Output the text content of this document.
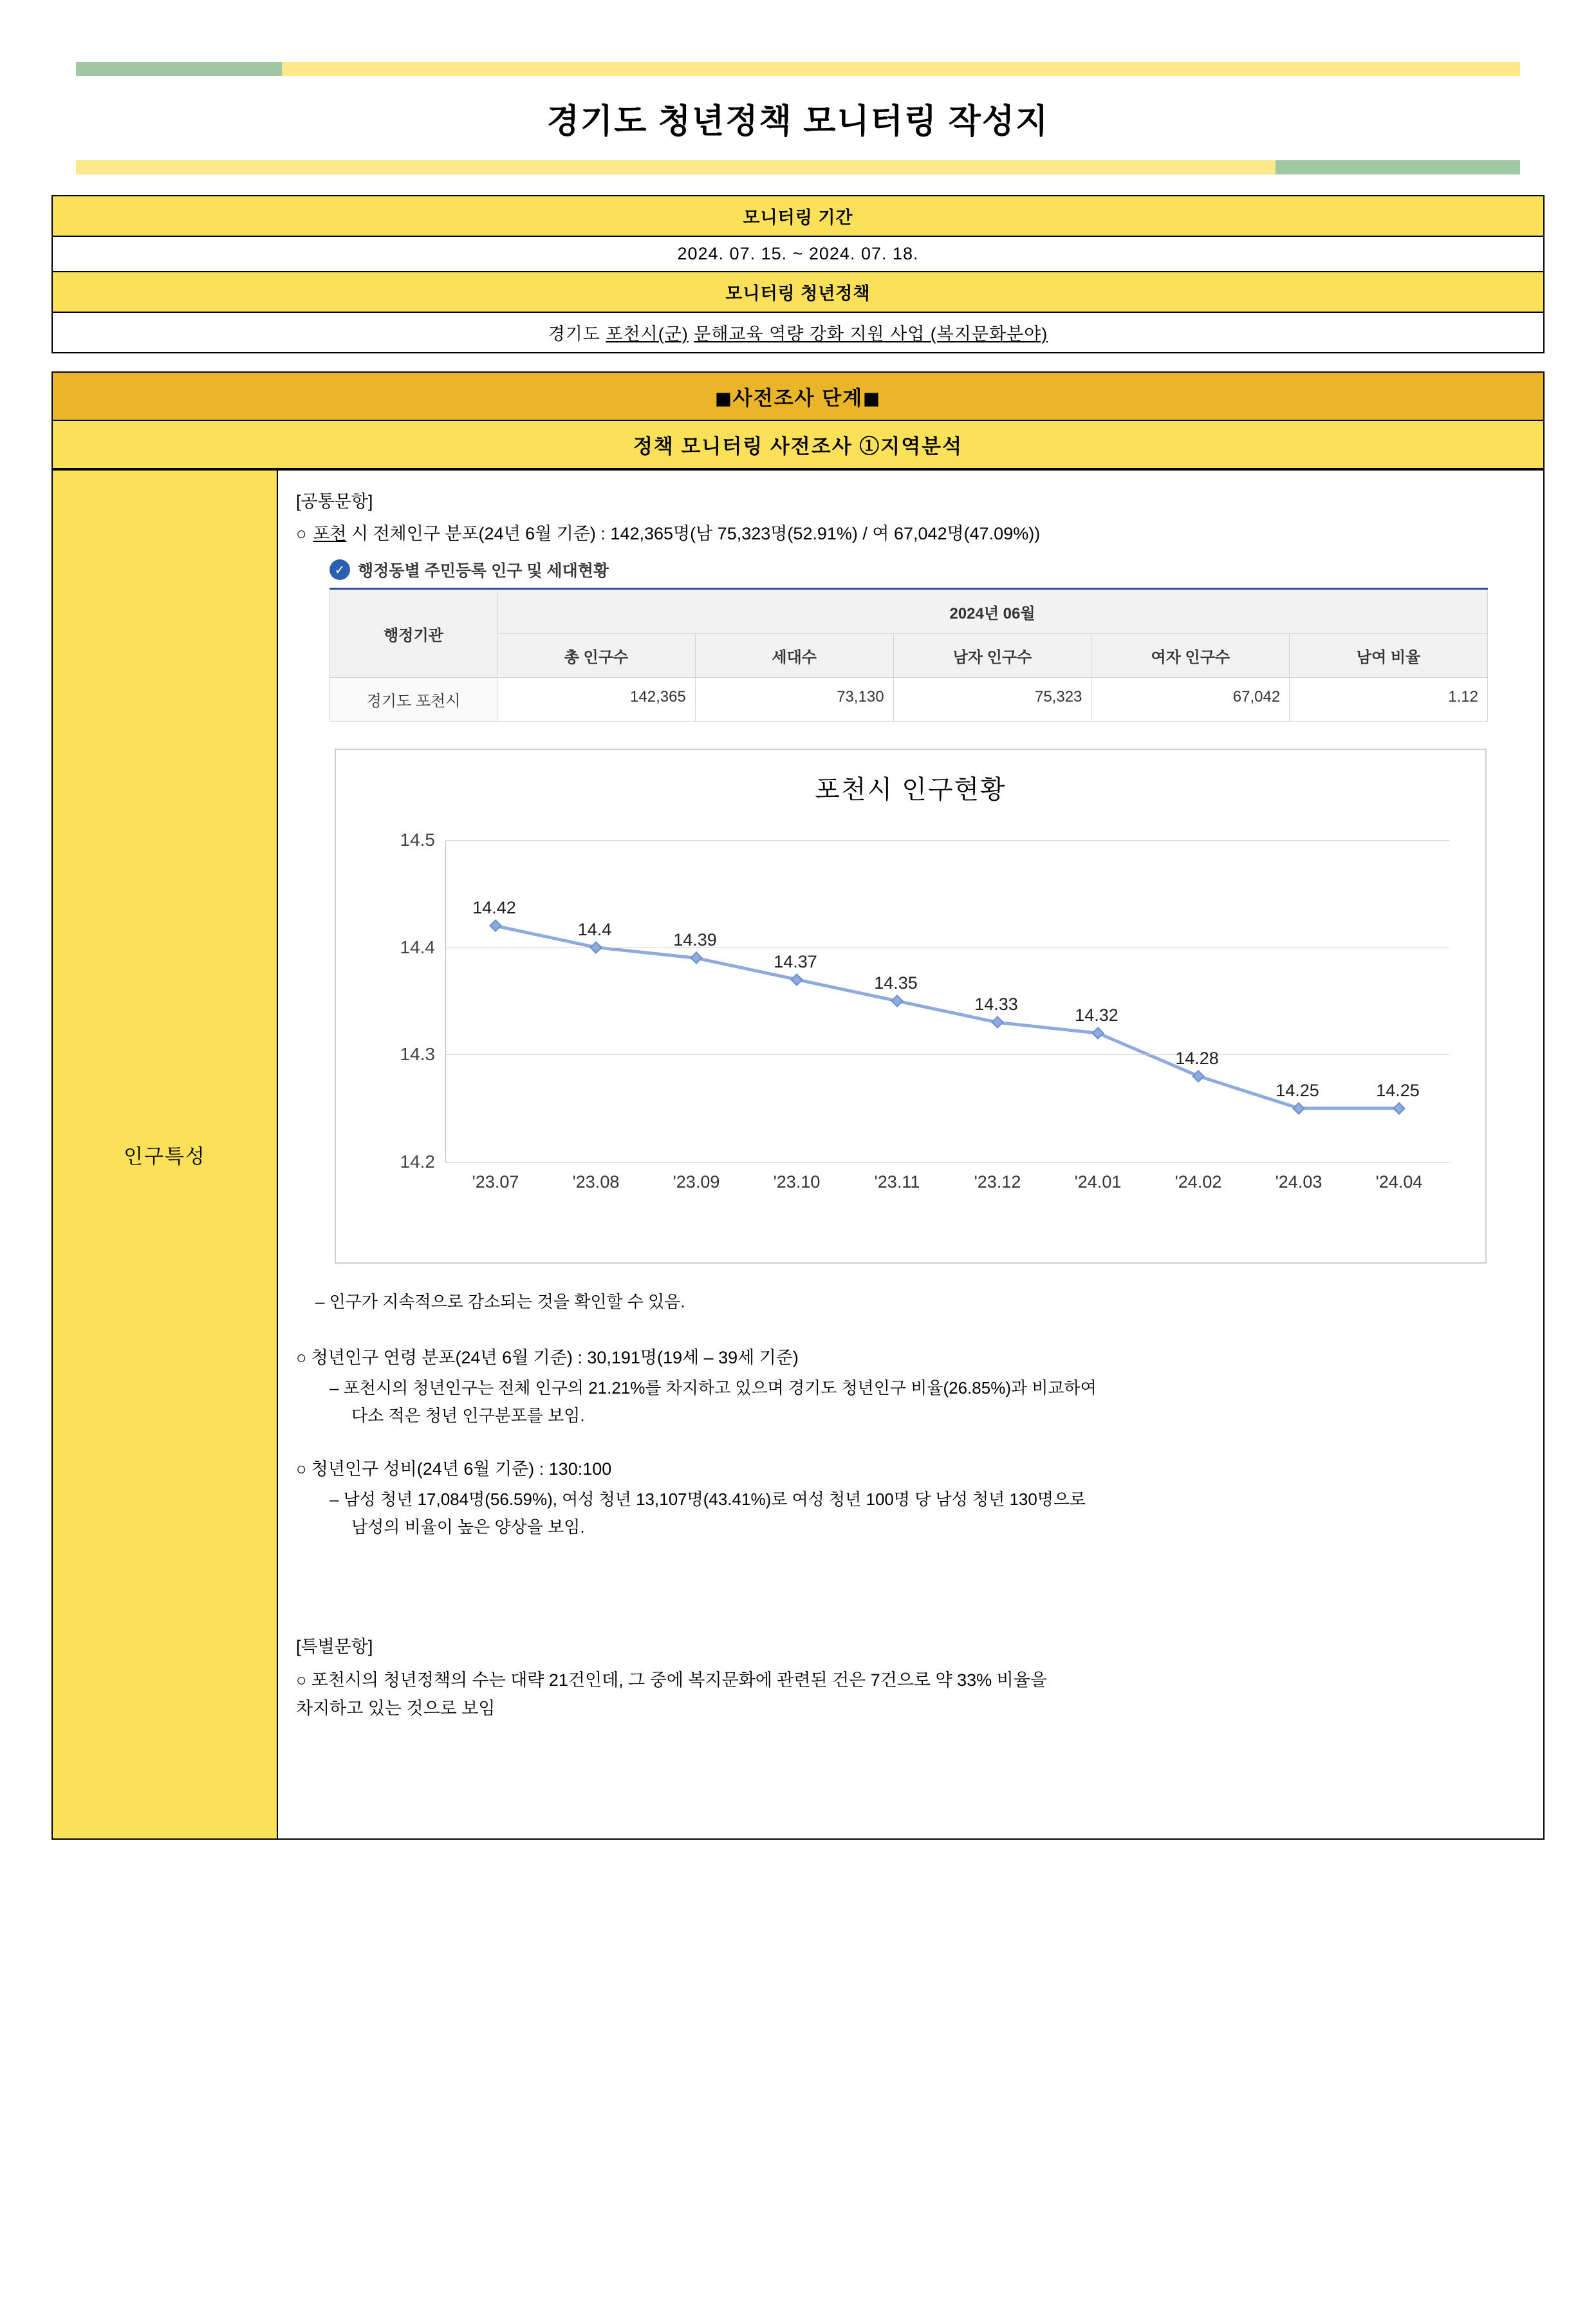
경기도 청년정책 모니터링 작성지
모니터링 기간
2024. 07. 15. ~ 2024. 07. 18.
모니터링 청년정책
경기도 포천시(군) 문해교육 역량 강화 지원 사업 (복지문화분야)
◼사전조사 단계◼
정책 모니터링 사전조사 ①지역분석
인구특성	
[공통문항]
○ 포천 시 전체인구 분포(24년 6월 기준) : 142,365명(남 75,323명(52.91%) / 여 67,042명(47.09%))
✓ 행정동별 주민등록 인구 및 세대현황
행정기관	2024년 06월
총 인구수	세대수	남자 인구수	여자 인구수	남여 비율
경기도 포천시	142,365	73,130	75,323	67,042	1.12
포천시 인구현황
14.2
14.3
14.4
14.5
'23.07	'23.08	'23.09	'23.10	'23.11	'23.12	'24.01	'24.02	'24.03	'24.04
14.42
14.4
14.39
14.37
14.35
14.33
14.32
14.28
14.25	14.25
– 인구가 지속적으로 감소되는 것을 확인할 수 있음.
○ 청년인구 연령 분포(24년 6월 기준) : 30,191명(19세 – 39세 기준)
– 포천시의 청년인구는 전체 인구의 21.21%를 차지하고 있으며 경기도 청년인구 비율(26.85%)과 비교하여
다소 적은 청년 인구분포를 보임.
○ 청년인구 성비(24년 6월 기준) : 130:100
– 남성 청년 17,084명(56.59%), 여성 청년 13,107명(43.41%)로 여성 청년 100명 당 남성 청년 130명으로
남성의 비율이 높은 양상을 보임.
[특별문항]
○ 포천시의 청년정책의 수는 대략 21건인데, 그 중에 복지문화에 관련된 건은 7건으로 약 33% 비율을
차지하고 있는 것으로 보임
